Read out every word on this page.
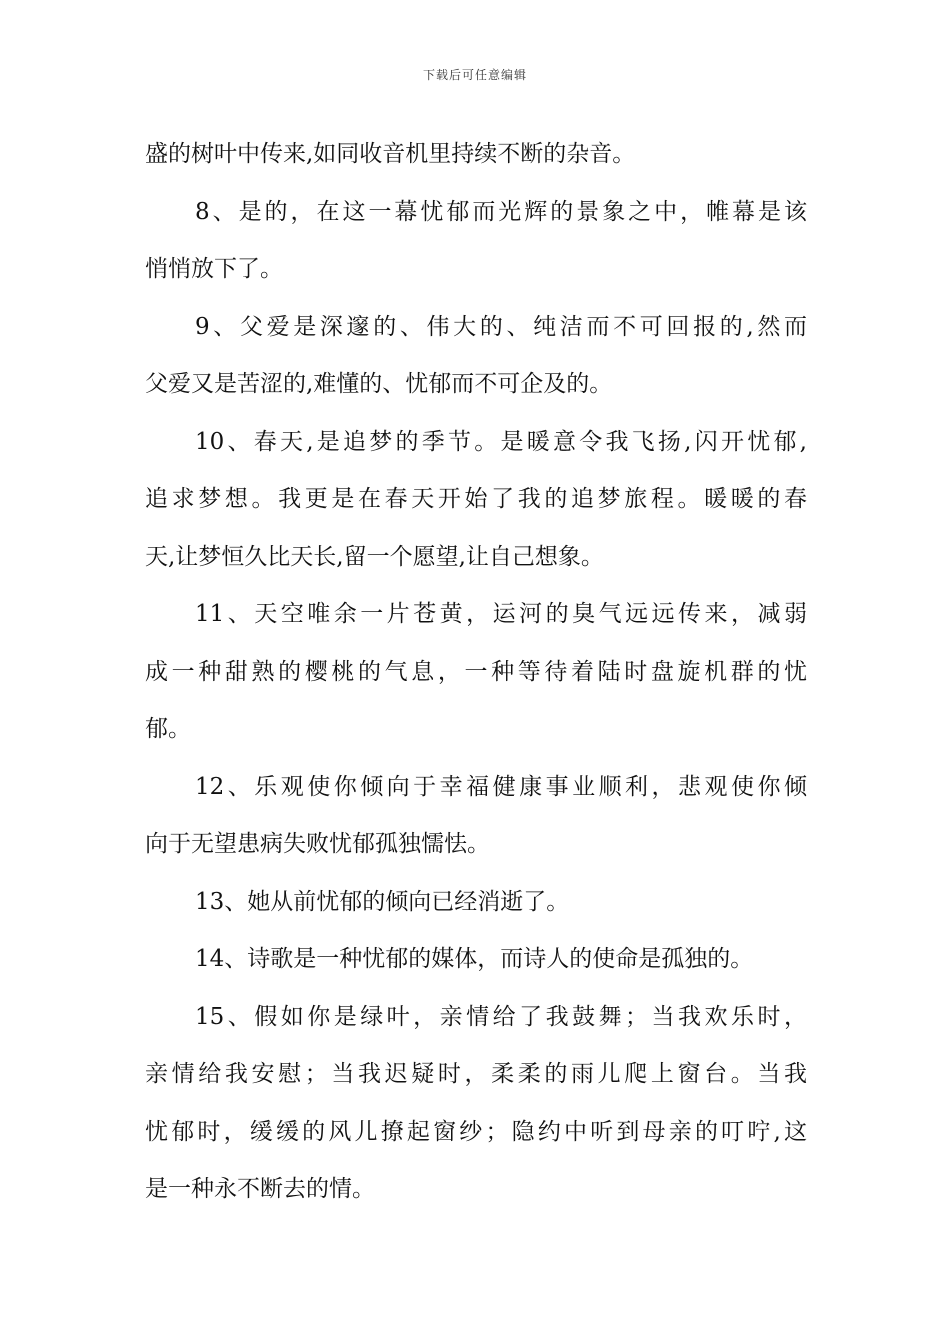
下载后可任意编辑
盛的树叶中传来,如同收音机里持续不断的杂音。
8、是的，在这一幕忧郁而光辉的景象之中，帷幕是该
悄悄放下了。
9、父爱是深邃的、伟大的、纯洁而不可回报的,然而
父爱又是苦涩的,难懂的、忧郁而不可企及的。
10、春天,是追梦的季节。是暖意令我飞扬,闪开忧郁,
追求梦想。我更是在春天开始了我的追梦旅程。暖暖的春
天,让梦恒久比天长,留一个愿望,让自己想象。
11、天空唯余一片苍黄，运河的臭气远远传来，减弱
成一种甜熟的樱桃的气息，一种等待着陆时盘旋机群的忧
郁。
12、乐观使你倾向于幸福健康事业顺利，悲观使你倾
向于无望患病失败忧郁孤独懦怯。
13、她从前忧郁的倾向已经消逝了。
14、诗歌是一种忧郁的媒体，而诗人的使命是孤独的。
15、假如你是绿叶，亲情给了我鼓舞；当我欢乐时，
亲情给我安慰；当我迟疑时，柔柔的雨儿爬上窗台。当我
忧郁时，缓缓的风儿撩起窗纱；隐约中听到母亲的叮咛,这
是一种永不断去的情。
